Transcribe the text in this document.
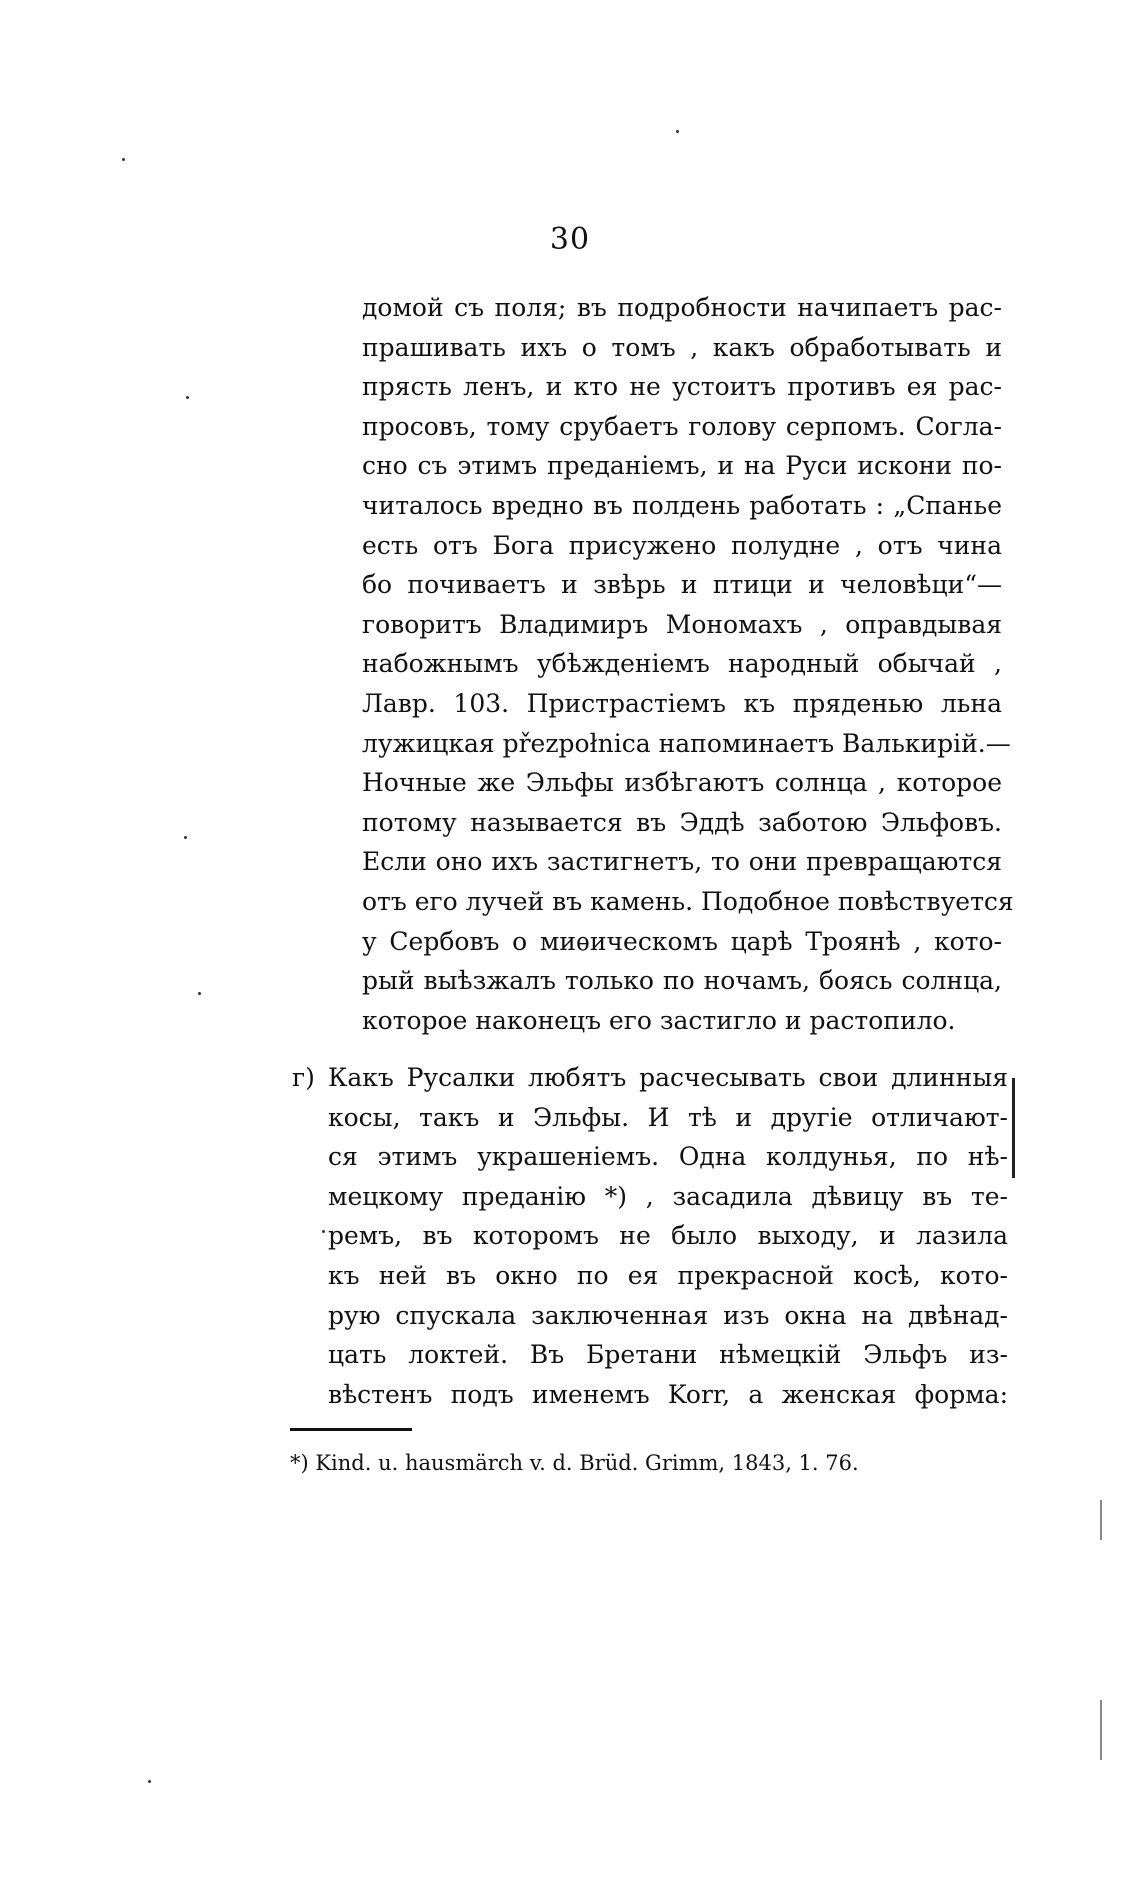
30
домой съ поля; въ подробности начипаетъ рас-
прашивать ихъ о томъ , какъ обработывать и
прясть ленъ, и кто не устоитъ противъ ея рас-
просовъ, тому срубаетъ голову серпомъ. Согла-
сно съ этимъ преданіемъ, и на Руси искони по-
читалось вредно въ полдень работать : „Спанье
есть отъ Бога присужено полудне , отъ чина
бо почиваетъ и звѣрь и птици и человѣци“—
говоритъ Владимиръ Мономахъ , оправдывая
набожнымъ убѣжденіемъ народный обычай ,
Лавр. 103. Пристрастіемъ къ пряденью льна
лужицкая přezpołnica напоминаетъ Валькирій.—
Ночные же Эльфы избѣгаютъ солнца , которое
потому называется въ Эддѣ заботою Эльфовъ.
Если оно ихъ застигнетъ, то они превращаются
отъ его лучей въ камень. Подобное повѣствуется
у Сербовъ о миѳическомъ царѣ Троянѣ , кото-
рый выѣзжалъ только по ночамъ, боясь солнца,
которое наконецъ его застигло и растопило.
г) Какъ Русалки любятъ расчесывать свои длинныя
косы, такъ и Эльфы. И тѣ и другіе отличают-
ся этимъ украшеніемъ. Одна колдунья, по нѣ-
мецкому преданію *) , засадила дѣвицу въ те-
ремъ, въ которомъ не было выходу, и лазила
къ ней въ окно по ея прекрасной косѣ, кото-
рую спускала заключенная изъ окна на двѣнад-
цать локтей. Въ Бретани нѣмецкій Эльфъ из-
вѣстенъ подъ именемъ Korr, а женская форма:
*) Kind. u. hausmärch v. d. Brüd. Grimm, 1843, 1. 76.
